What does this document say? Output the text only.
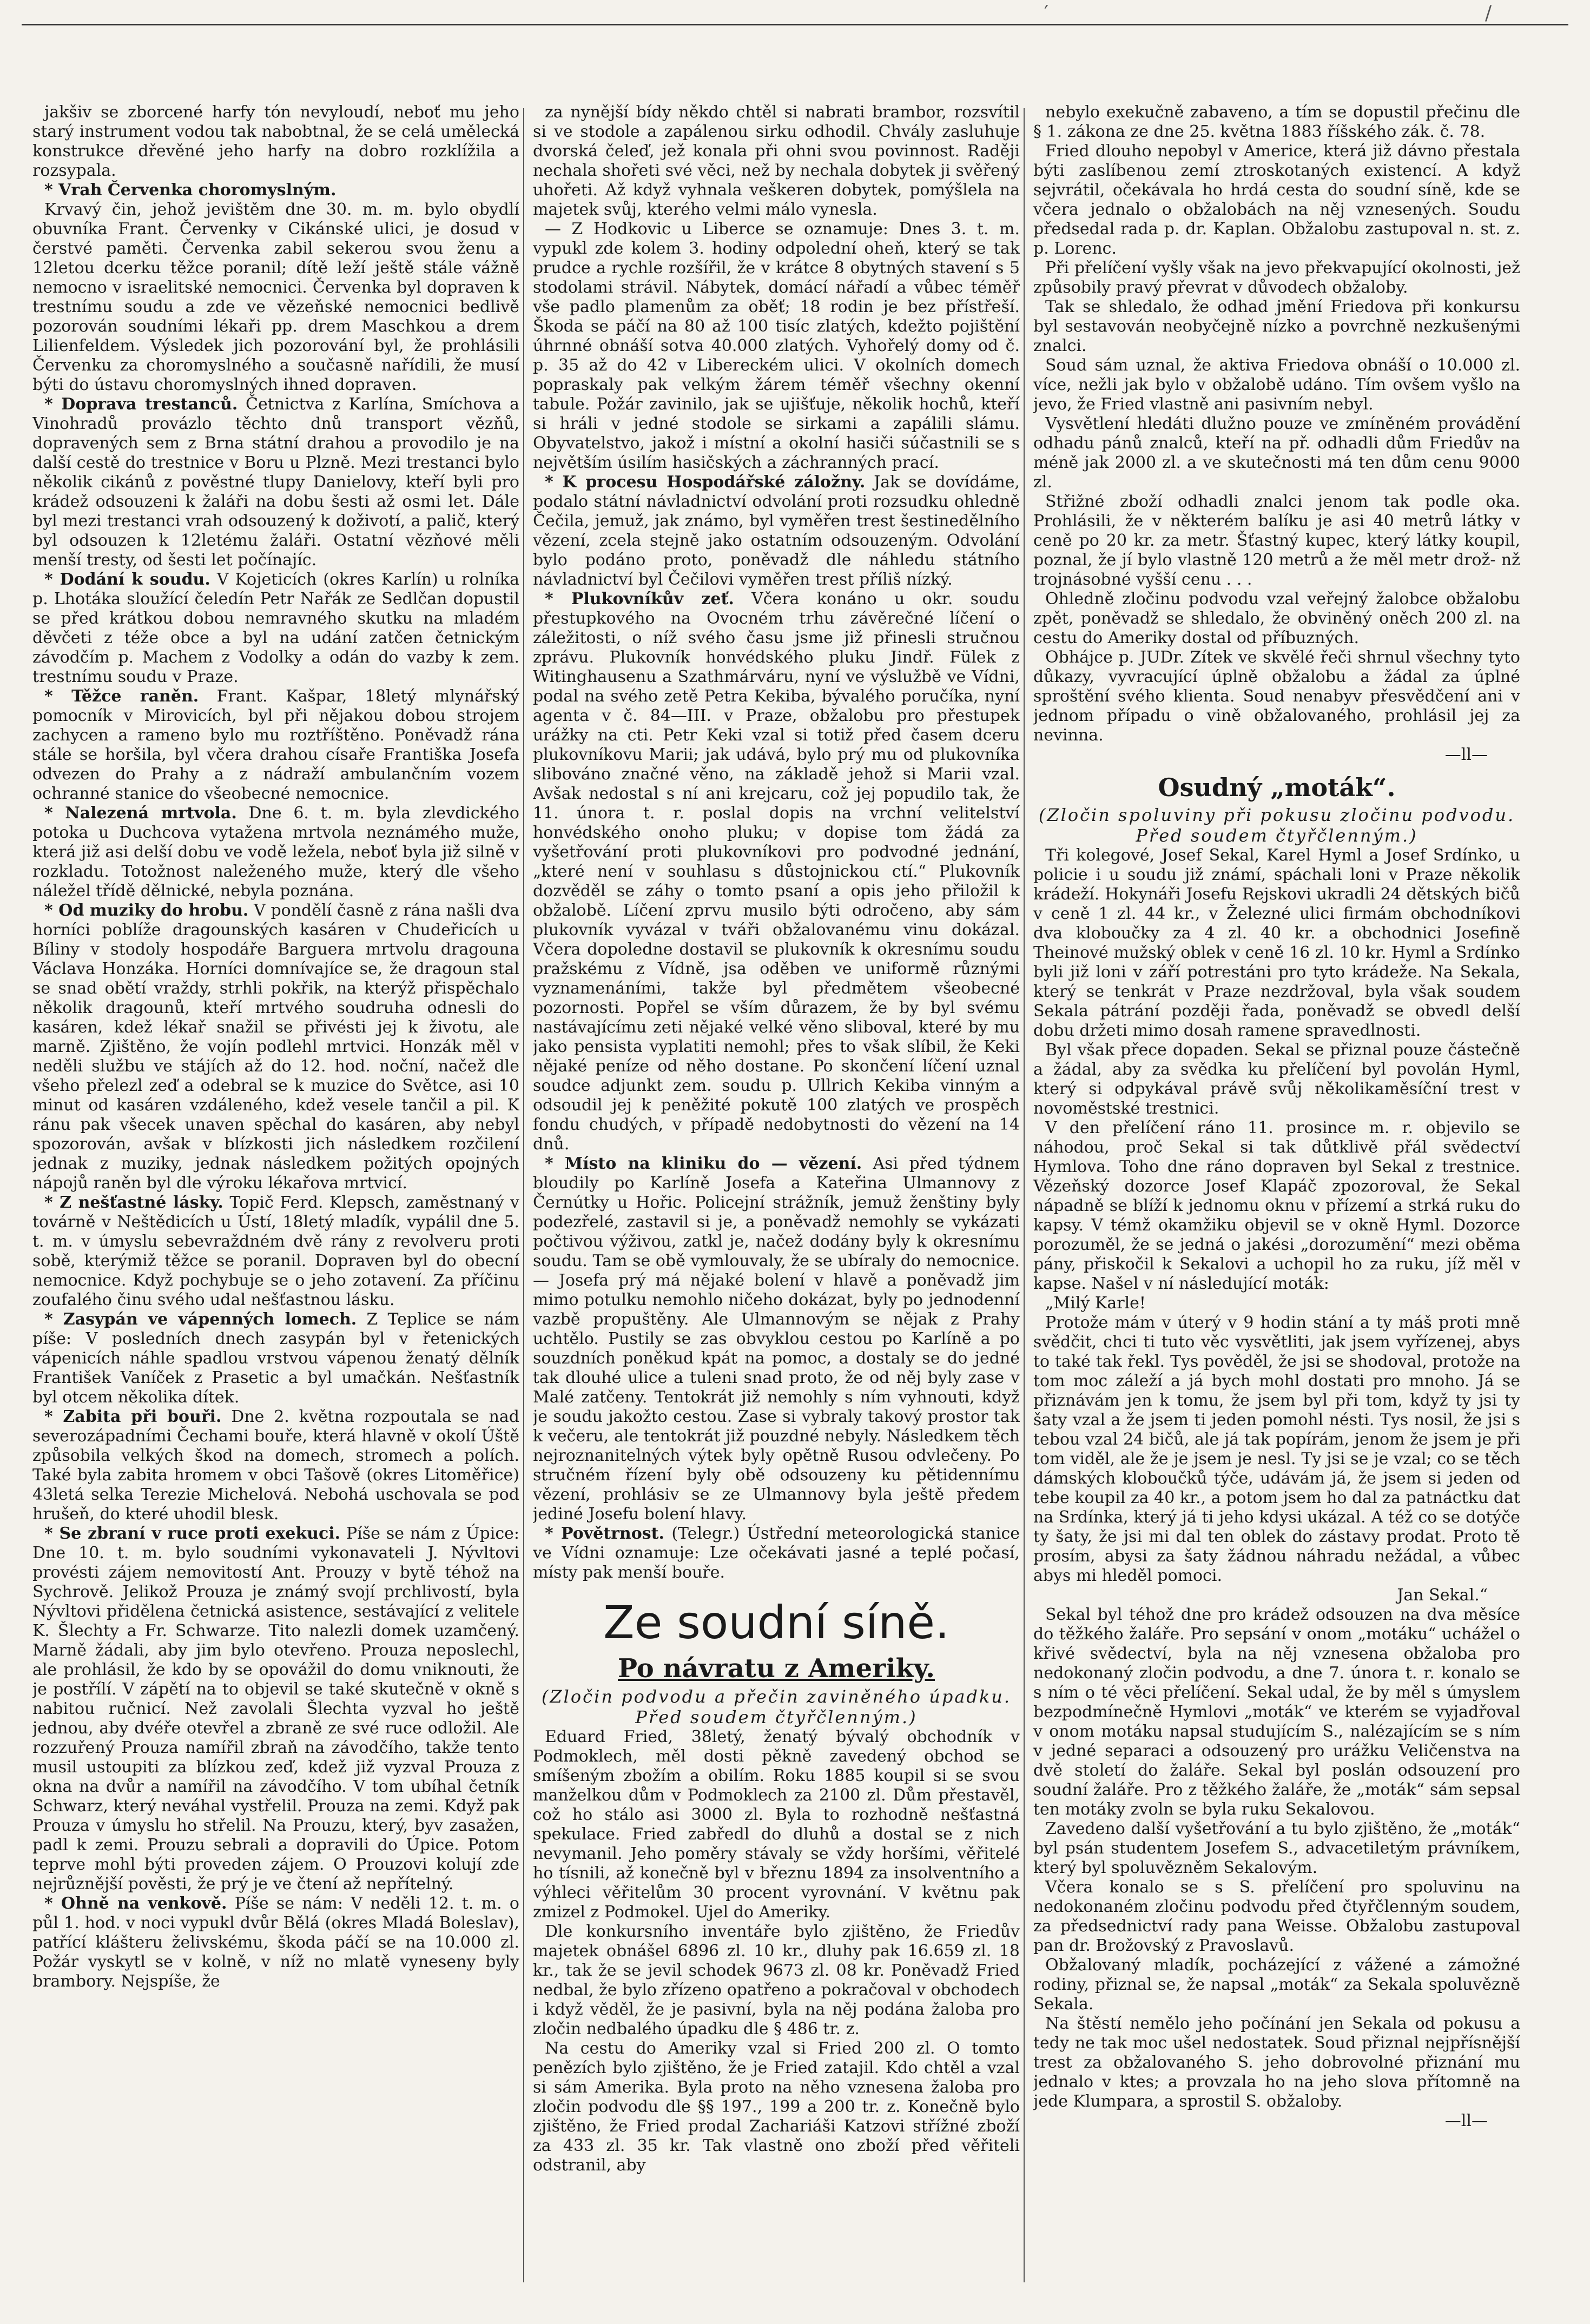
′	/

jakšiv se zborcené harfy tón nevyloudí, neboť mu jeho starý instrument vodou tak nabobtnal, že se celá umělecká konstrukce dřevěné jeho harfy na dobro rozklížila a rozsypala.

* Vrah Červenka choromyslným.

Krvavý čin, jehož jevištěm dne 30. m. m. bylo obydlí obuvníka Frant. Červenky v Cikánské ulici, je dosud v čerstvé paměti. Červenka zabil sekerou svou ženu a 12letou dcerku těžce poranil; dítě leží ještě stále vážně nemocno v israelitské nemocnici. Červenka byl dopraven k trestnímu soudu a zde ve vězeňské nemocnici bedlivě pozorován soudními lékaři pp. drem Maschkou a drem Lilienfeldem. Výsledek jich pozorování byl, že prohlásili Červenku za choromyslného a současně nařídili, že musí býti do ústavu choromyslných ihned dopraven.

* Doprava trestanců. Četnictva z Karlína, Smíchova a Vinohradů provázlo těchto dnů transport vězňů, dopravených sem z Brna státní drahou a provodilo je na další cestě do trestnice v Boru u Plzně. Mezi trestanci bylo několik cikánů z pověstné tlupy Danielovy, kteří byli pro krádež odsouzeni k žaláři na dobu šesti až osmi let. Dále byl mezi trestanci vrah odsouzený k doživotí, a palič, který byl odsouzen k 12letému žaláři. Ostatní vězňové měli menší tresty, od šesti let počínajíc.

* Dodání k soudu. V Kojeticích (okres Karlín) u rolníka p. Lhotáka sloužící čeledín Petr Nařák ze Sedlčan dopustil se před krátkou dobou nemravného skutku na mladém děvčeti z téže obce a byl na udání zatčen četnickým závodčím p. Machem z Vodolky a odán do vazby k zem. trestnímu soudu v Praze.

* Těžce raněn. Frant. Kašpar, 18letý mlynářský pomocník v Mirovicích, byl při nějakou dobou strojem zachycen a rameno bylo mu roztříštěno. Poněvadž rána stále se horšila, byl včera drahou císaře Františka Josefa odvezen do Prahy a z nádraží ambulančním vozem ochranné stanice do všeobecné nemocnice.

* Nalezená mrtvola. Dne 6. t. m. byla zlevdického potoka u Duchcova vytažena mrtvola neznámého muže, která již asi delší dobu ve vodě ležela, neboť byla již silně v rozkladu. Totožnost naleženého muže, který dle všeho náležel třídě dělnické, nebyla poznána.

* Od muziky do hrobu. V pondělí časně z rána našli dva horníci poblíže dragounských kasáren v Chudeřicích u Bíliny v stodoly hospodáře Barguera mrtvolu dragouna Václava Honzáka. Horníci domnívajíce se, že dragoun stal se snad obětí vraždy, strhli pokřik, na kterýž přispěchalo několik dragounů, kteří mrtvého soudruha odnesli do kasáren, kdež lékař snažil se přivésti jej k životu, ale marně. Zjištěno, že vojín podlehl mrtvici. Honzák měl v neděli službu ve stájích až do 12. hod. noční, načež dle všeho přelezl zeď a odebral se k muzice do Světce, asi 10 minut od kasáren vzdáleného, kdež vesele tančil a pil. K ránu pak všecek unaven spěchal do kasáren, aby nebyl spozorován, avšak v blízkosti jich následkem rozčilení jednak z muziky, jednak následkem požitých opojných nápojů raněn byl dle výroku lékařova mrtvicí.

* Z nešťastné lásky. Topič Ferd. Klepsch, zaměstnaný v továrně v Neštědicích u Ústí, 18letý mladík, vypálil dne 5. t. m. v úmyslu sebevraždném dvě rány z revolveru proti sobě, kterýmiž těžce se poranil. Dopraven byl do obecní nemocnice. Když pochybuje se o jeho zotavení. Za příčinu zoufalého činu svého udal nešťastnou lásku.

* Zasypán ve vápenných lomech. Z Teplice se nám píše: V posledních dnech zasypán byl v řetenických vápenicích náhle spadlou vrstvou vápenou ženatý dělník František Vaníček z Prasetic a byl umačkán. Nešťastník byl otcem několika dítek.

* Zabita při bouři. Dne 2. května rozpoutala se nad severozápadními Čechami bouře, která hlavně v okolí Úště způsobila velkých škod na domech, stromech a polích. Také byla zabita hromem v obci Tašově (okres Litoměřice) 43letá selka Terezie Michelová. Nebohá uschovala se pod hrušeň, do které uhodil blesk.

* Se zbraní v ruce proti exekuci. Píše se nám z Úpice: Dne 10. t. m. bylo soudními vykonavateli J. Nývltovi provésti zájem nemovitostí Ant. Prouzy v bytě téhož na Sychrově. Jelikož Prouza je známý svojí prchlivostí, byla Nývltovi přidělena četnická asistence, sestávající z velitele K. Šlechty a Fr. Schwarze. Tito nalezli domek uzamčený. Marně žádali, aby jim bylo otevřeno. Prouza neposlechl, ale prohlásil, že kdo by se opovážil do domu vniknouti, že je postřílí. V zápětí na to objevil se také skutečně v okně s nabitou ručnicí. Než zavolali Šlechta vyzval ho ještě jednou, aby dvéře otevřel a zbraně ze své ruce odložil. Ale rozzuřený Prouza namířil zbraň na závodčího, takže tento musil ustoupiti za blízkou zeď, kdež již vyzval Prouza z okna na dvůr a namířil na závodčího. V tom ubíhal četník Schwarz, který neváhal vystřelil. Prouza na zemi. Když pak Prouza v úmyslu ho střelil. Na Prouzu, který, byv zasažen, padl k zemi. Prouzu sebrali a dopravili do Úpice. Potom teprve mohl býti proveden zájem. O Prouzovi kolují zde nejrůznější pověsti, že prý je ve čtení až nepřítelný.

* Ohně na venkově. Píše se nám: V neděli 12. t. m. o půl 1. hod. v noci vypukl dvůr Bělá (okres Mladá Boleslav), patřící klášteru želivskému, škoda páčí se na 10.000 zl. Požár vyskytl se v kolně, v níž no mlatě vyneseny byly brambory. Nejspíše, že

za nynější bídy někdo chtěl si nabrati brambor, rozsvítil si ve stodole a zapálenou sirku odhodil. Chvály zasluhuje dvorská čeleď, jež konala při ohni svou povinnost. Raději nechala shořeti své věci, než by nechala dobytek ji svěřený uhořeti. Až když vyhnala veškeren dobytek, pomýšlela na majetek svůj, kterého velmi málo vynesla.

— Z Hodkovic u Liberce se oznamuje: Dnes 3. t. m. vypukl zde kolem 3. hodiny odpolední oheň, který se tak prudce a rychle rozšířil, že v krátce 8 obytných stavení s 5 stodolami strávil. Nábytek, domácí nářadí a vůbec téměř vše padlo plamenům za oběť; 18 rodin je bez přístřeší. Škoda se páčí na 80 až 100 tisíc zlatých, kdežto pojištění úhrnné obnáší sotva 40.000 zlatých. Vyhořelý domy od č. p. 35 až do 42 v Libereckém ulici. V okolních domech popraskaly pak velkým žárem téměř všechny okenní tabule. Požár zavinilo, jak se ujišťuje, několik hochů, kteří si hráli v jedné stodole se sirkami a zapálili slámu. Obyvatelstvo, jakož i místní a okolní hasiči súčastnili se s největším úsilím hasičských a záchranných prací.

* K procesu Hospodářské záložny. Jak se dovídáme, podalo státní návladnictví odvolání proti rozsudku ohledně Čečila, jemuž, jak známo, byl vyměřen trest šestinedělního vězení, zcela stejně jako ostatním odsouzeným. Odvolání bylo podáno proto, poněvadž dle náhledu státního návladnictví byl Čečilovi vyměřen trest příliš nízký.

* Plukovníkův zeť. Včera konáno u okr. soudu přestupkového na Ovocném trhu závěrečné líčení o záležitosti, o níž svého času jsme již přinesli stručnou zprávu. Plukovník honvédského pluku Jindř. Fülek z Witinghausenu a Szathmárváru, nyní ve výslužbě ve Vídni, podal na svého zetě Petra Kekiba, bývalého poručíka, nyní agenta v č. 84—III. v Praze, obžalobu pro přestupek urážky na cti. Petr Keki vzal si totiž před časem dceru plukovníkovu Marii; jak udává, bylo prý mu od plukovníka slibováno značné věno, na základě jehož si Marii vzal. Avšak nedostal s ní ani krejcaru, což jej popudilo tak, že 11. února t. r. poslal dopis na vrchní velitelství honvédského onoho pluku; v dopise tom žádá za vyšetřování proti plukovníkovi pro podvodné jednání, „které není v souhlasu s důstojnickou ctí.“ Plukovník dozvěděl se záhy o tomto psaní a opis jeho přiložil k obžalobě. Líčení zprvu musilo býti odročeno, aby sám plukovník vyvázal v tváři obžalovanému vinu dokázal. Včera dopoledne dostavil se plukovník k okresnímu soudu pražskému z Vídně, jsa oděben ve uniformě různými vyznamenáními, takže byl předmětem všeobecné pozornosti. Popřel se vším důrazem, že by byl svému nastávajícímu zeti nějaké velké věno sliboval, které by mu jako pensista vyplatiti nemohl; přes to však slíbil, že Keki nějaké peníze od něho dostane. Po skončení líčení uznal soudce adjunkt zem. soudu p. Ullrich Kekiba vinným a odsoudil jej k peněžité pokutě 100 zlatých ve prospěch fondu chudých, v případě nedobytnosti do vězení na 14 dnů.

* Místo na kliniku do — vězení. Asi před týdnem bloudily po Karlíně Josefa a Kateřina Ulmannovy z Černútky u Hořic. Policejní strážník, jemuž ženštiny byly podezřelé, zastavil si je, a poněvadž nemohly se vykázati počtivou výživou, zatkl je, načež dodány byly k okresnímu soudu. Tam se obě vymlouvaly, že se ubíraly do nemocnice. — Josefa prý má nějaké bolení v hlavě a poněvadž jim mimo potulku nemohlo ničeho dokázat, byly po jednodenní vazbě propuštěny. Ale Ulmannovým se nějak z Prahy uchtělo. Pustily se zas obvyklou cestou po Karlíně a po souzdních poněkud kpát na pomoc, a dostaly se do jedné tak dlouhé ulice a tuleni snad proto, že od něj byly zase v Malé zatčeny. Tentokrát již nemohly s ním vyhnouti, když je soudu jakožto cestou. Zase si vybraly takový prostor tak k večeru, ale tentokrát již pouzdné nebyly. Následkem těch nejroznanitelných výtek byly opětně Rusou odvlečeny. Po stručném řízení byly obě odsouzeny ku pětidennímu vězení, prohlásiv se ze Ulmannovy byla ještě předem jediné Josefu bolení hlavy.

* Povětrnost. (Telegr.) Ústřední meteorologická stanice ve Vídni oznamuje: Lze očekávati jasné a teplé počasí, místy pak menší bouře.

Ze soudní síně.
Po návratu z Ameriky.

(Zločin podvodu a přečin zaviněného úpadku. Před soudem čtyřčlenným.)

Eduard Fried, 38letý, ženatý bývalý obchodník v Podmoklech, měl dosti pěkně zavedený obchod se smíšeným zbožím a obilím. Roku 1885 koupil si se svou manželkou dům v Podmoklech za 2100 zl. Dům přestavěl, což ho stálo asi 3000 zl. Byla to rozhodně nešťastná spekulace. Fried zabředl do dluhů a dostal se z nich nevymanil. Jeho poměry stávaly se vždy horšími, věřitelé ho tísnili, až konečně byl v březnu 1894 za insolventního a výhleci věřitelům 30 procent vyrovnání. V květnu pak zmizel z Podmokel. Ujel do Ameriky.

Dle konkursního inventáře bylo zjištěno, že Friedův majetek obnášel 6896 zl. 10 kr., dluhy pak 16.659 zl. 18 kr., tak že se jevil schodek 9673 zl. 08 kr. Poněvadž Fried nedbal, že bylo zřízeno opatřeno a pokračoval v obchodech i když věděl, že je pasivní, byla na něj podána žaloba pro zločin nedbalého úpadku dle § 486 tr. z.

Na cestu do Ameriky vzal si Fried 200 zl. O tomto penězích bylo zjištěno, že je Fried zatajil. Kdo chtěl a vzal si sám Amerika. Byla proto na něho vznesena žaloba pro zločin podvodu dle §§ 197., 199 a 200 tr. z. Konečně bylo zjištěno, že Fried prodal Zachariáši Katzovi střížné zboží za 433 zl. 35 kr. Tak vlastně ono zboží před věřiteli odstranil, aby

nebylo exekučně zabaveno, a tím se dopustil přečinu dle § 1. zákona ze dne 25. května 1883 říšského zák. č. 78.

Fried dlouho nepobyl v Americe, která již dávno přestala býti zaslíbenou zemí ztroskotaných existencí. A když sejvrátil, očekávala ho hrdá cesta do soudní síně, kde se včera jednalo o obžalobách na něj vznesených. Soudu předsedal rada p. dr. Kaplan. Obžalobu zastupoval n. st. z. p. Lorenc.

Při přelíčení vyšly však na jevo překvapující okolnosti, jež způsobily pravý převrat v důvodech obžaloby.

Tak se shledalo, že odhad jmění Friedova při konkursu byl sestavován neobyčejně nízko a povrchně nezkušenými znalci.

Soud sám uznal, že aktiva Friedova obnáší o 10.000 zl. více, nežli jak bylo v obžalobě udáno. Tím ovšem vyšlo na jevo, že Fried vlastně ani pasivním nebyl.

Vysvětlení hledáti dlužno pouze ve zmíněném provádění odhadu pánů znalců, kteří na př. odhadli dům Friedův na méně jak 2000 zl. a ve skutečnosti má ten dům cenu 9000 zl.

Střižné zboží odhadli znalci jenom tak podle oka. Prohlásili, že v některém balíku je asi 40 metrů látky v ceně po 20 kr. za metr. Šťastný kupec, který látky koupil, poznal, že jí bylo vlastně 120 metrů a že měl metr drož- nž trojnásobné vyšší cenu . . .

Ohledně zločinu podvodu vzal veřejný žalobce obžalobu zpět, poněvadž se shledalo, že obviněný oněch 200 zl. na cestu do Ameriky dostal od příbuzných.

Obhájce p. JUDr. Zítek ve skvělé řeči shrnul všechny tyto důkazy, vyvracující úplně obžalobu a žádal za úplné sproštění svého klienta. Soud nenabyv přesvědčení ani v jednom případu o vině obžalovaného, prohlásil jej za nevinna.

—ll—

Osudný „moták“.

(Zločin spoluviny při pokusu zločinu podvodu. Před soudem čtyřčlenným.)

Tři kolegové, Josef Sekal, Karel Hyml a Josef Srdínko, u policie i u soudu již známí, spáchali loni v Praze několik krádeží. Hokynáři Josefu Rejskovi ukradli 24 dětských bičů v ceně 1 zl. 44 kr., v Železné ulici firmám obchodníkovi dva kloboučky za 4 zl. 40 kr. a obchodnici Josefině Theinové mužský oblek v ceně 16 zl. 10 kr. Hyml a Srdínko byli již loni v září potrestáni pro tyto krádeže. Na Sekala, který se tenkrát v Praze nezdržoval, byla však soudem Sekala pátrání později řada, poněvadž se obvedl delší dobu držeti mimo dosah ramene spravedlnosti.

Byl však přece dopaden. Sekal se přiznal pouze částečně a žádal, aby za svědka ku přelíčení byl povolán Hyml, který si odpykával právě svůj několikaměsíční trest v novoměstské trestnici.

V den přelíčení ráno 11. prosince m. r. objevilo se náhodou, proč Sekal si tak důtklivě přál svědectví Hymlova. Toho dne ráno dopraven byl Sekal z trestnice. Vězeňský dozorce Josef Klapáč zpozoroval, že Sekal nápadně se blíží k jednomu oknu v přízemí a strká ruku do kapsy. V témž okamžiku objevil se v okně Hyml. Dozorce porozuměl, že se jedná o jakési „dorozumění“ mezi oběma pány, přiskočil k Sekalovi a uchopil ho za ruku, jíž měl v kapse. Našel v ní následující moták:

„Milý Karle!

Protože mám v úterý v 9 hodin stání a ty máš proti mně svědčit, chci ti tuto věc vysvětliti, jak jsem vyřízenej, abys to také tak řekl. Tys pověděl, že jsi se shodoval, protože na tom moc záleží a já bych mohl dostati pro mnoho. Já se přiznávám jen k tomu, že jsem byl při tom, když ty jsi ty šaty vzal a že jsem ti jeden pomohl nésti. Tys nosil, že jsi s tebou vzal 24 bičů, ale já tak popírám, jenom že jsem je při tom viděl, ale že je jsem je nesl. Ty jsi se je vzal; co se těch dámských kloboučků týče, udávám já, že jsem si jeden od tebe koupil za 40 kr., a potom jsem ho dal za patnáctku dat na Srdínka, který já ti jeho kdysi ukázal. A též co se dotýče ty šaty, že jsi mi dal ten oblek do zástavy prodat. Proto tě prosím, abysi za šaty žádnou náhradu nežádal, a vůbec abys mi hleděl pomoci.

Jan Sekal.“

Sekal byl téhož dne pro krádež odsouzen na dva měsíce do těžkého žaláře. Pro sepsání v onom „motáku“ uchážel o křivé svědectví, byla na něj vznesena obžaloba pro nedokonaný zločin podvodu, a dne 7. února t. r. konalo se s ním o té věci přelíčení. Sekal udal, že by měl s úmyslem bezpodmínečně Hymlovi „moták“ ve kterém se vyjadřoval v onom motáku napsal studujícím S., nalézajícím se s ním v jedné separaci a odsouzený pro urážku Veličenstva na dvě století do žaláře. Sekal byl poslán odsouzení pro soudní žaláře. Pro z těžkého žaláře, že „moták“ sám sepsal ten motáky zvoln se byla ruku Sekalovou.

Zavedeno další vyšetřování a tu bylo zjištěno, že „moták“ byl psán studentem Josefem S., advacetiletým právníkem, který byl spoluvězněm Sekalovým.

Včera konalo se s S. přelíčení pro spoluvinu na nedokonaném zločinu podvodu před čtyřčlenným soudem, za předsednictví rady pana Weisse. Obžalobu zastupoval pan dr. Brožovský z Pravoslavů.

Obžalovaný mladík, pocházející z vážené a zámožné rodiny, přiznal se, že napsal „moták“ za Sekala spoluvězně Sekala.

Na štěstí nemělo jeho počínání jen Sekala od pokusu a tedy ne tak moc ušel nedostatek. Soud přiznal nejpřísnější trest za obžalovaného S. jeho dobrovolné přiznání mu jednalo v ktes; a provzala ho na jeho slova přítomně na jede Klumpara, a sprostil S. obžaloby.

—ll—
